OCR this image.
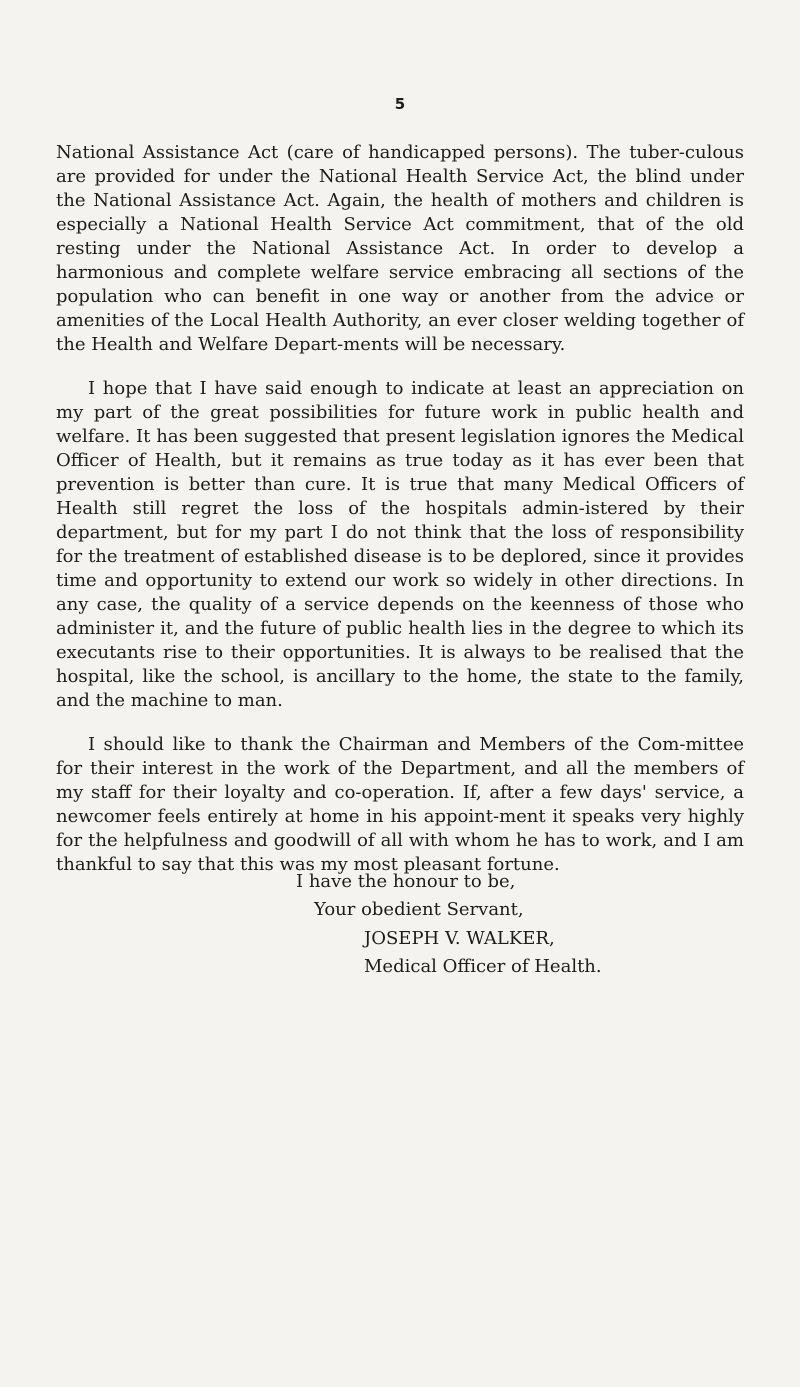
5

National Assistance Act (care of handicapped persons). The tuber-culous are provided for under the National Health Service Act, the blind under the National Assistance Act. Again, the health of mothers and children is especially a National Health Service Act commitment, that of the old resting under the National Assistance Act. In order to develop a harmonious and complete welfare service embracing all sections of the population who can benefit in one way or another from the advice or amenities of the Local Health Authority, an ever closer welding together of the Health and Welfare Depart-ments will be necessary.

I hope that I have said enough to indicate at least an appreciation on my part of the great possibilities for future work in public health and welfare. It has been suggested that present legislation ignores the Medical Officer of Health, but it remains as true today as it has ever been that prevention is better than cure. It is true that many Medical Officers of Health still regret the loss of the hospitals admin-istered by their department, but for my part I do not think that the loss of responsibility for the treatment of established disease is to be deplored, since it provides time and opportunity to extend our work so widely in other directions. In any case, the quality of a service depends on the keenness of those who administer it, and the future of public health lies in the degree to which its executants rise to their opportunities. It is always to be realised that the hospital, like the school, is ancillary to the home, the state to the family, and the machine to man.

I should like to thank the Chairman and Members of the Com-mittee for their interest in the work of the Department, and all the members of my staff for their loyalty and co-operation. If, after a few days' service, a newcomer feels entirely at home in his appoint-ment it speaks very highly for the helpfulness and goodwill of all with whom he has to work, and I am thankful to say that this was my most pleasant fortune.

I have the honour to be,
Your obedient Servant,
JOSEPH V. WALKER,
Medical Officer of Health.
